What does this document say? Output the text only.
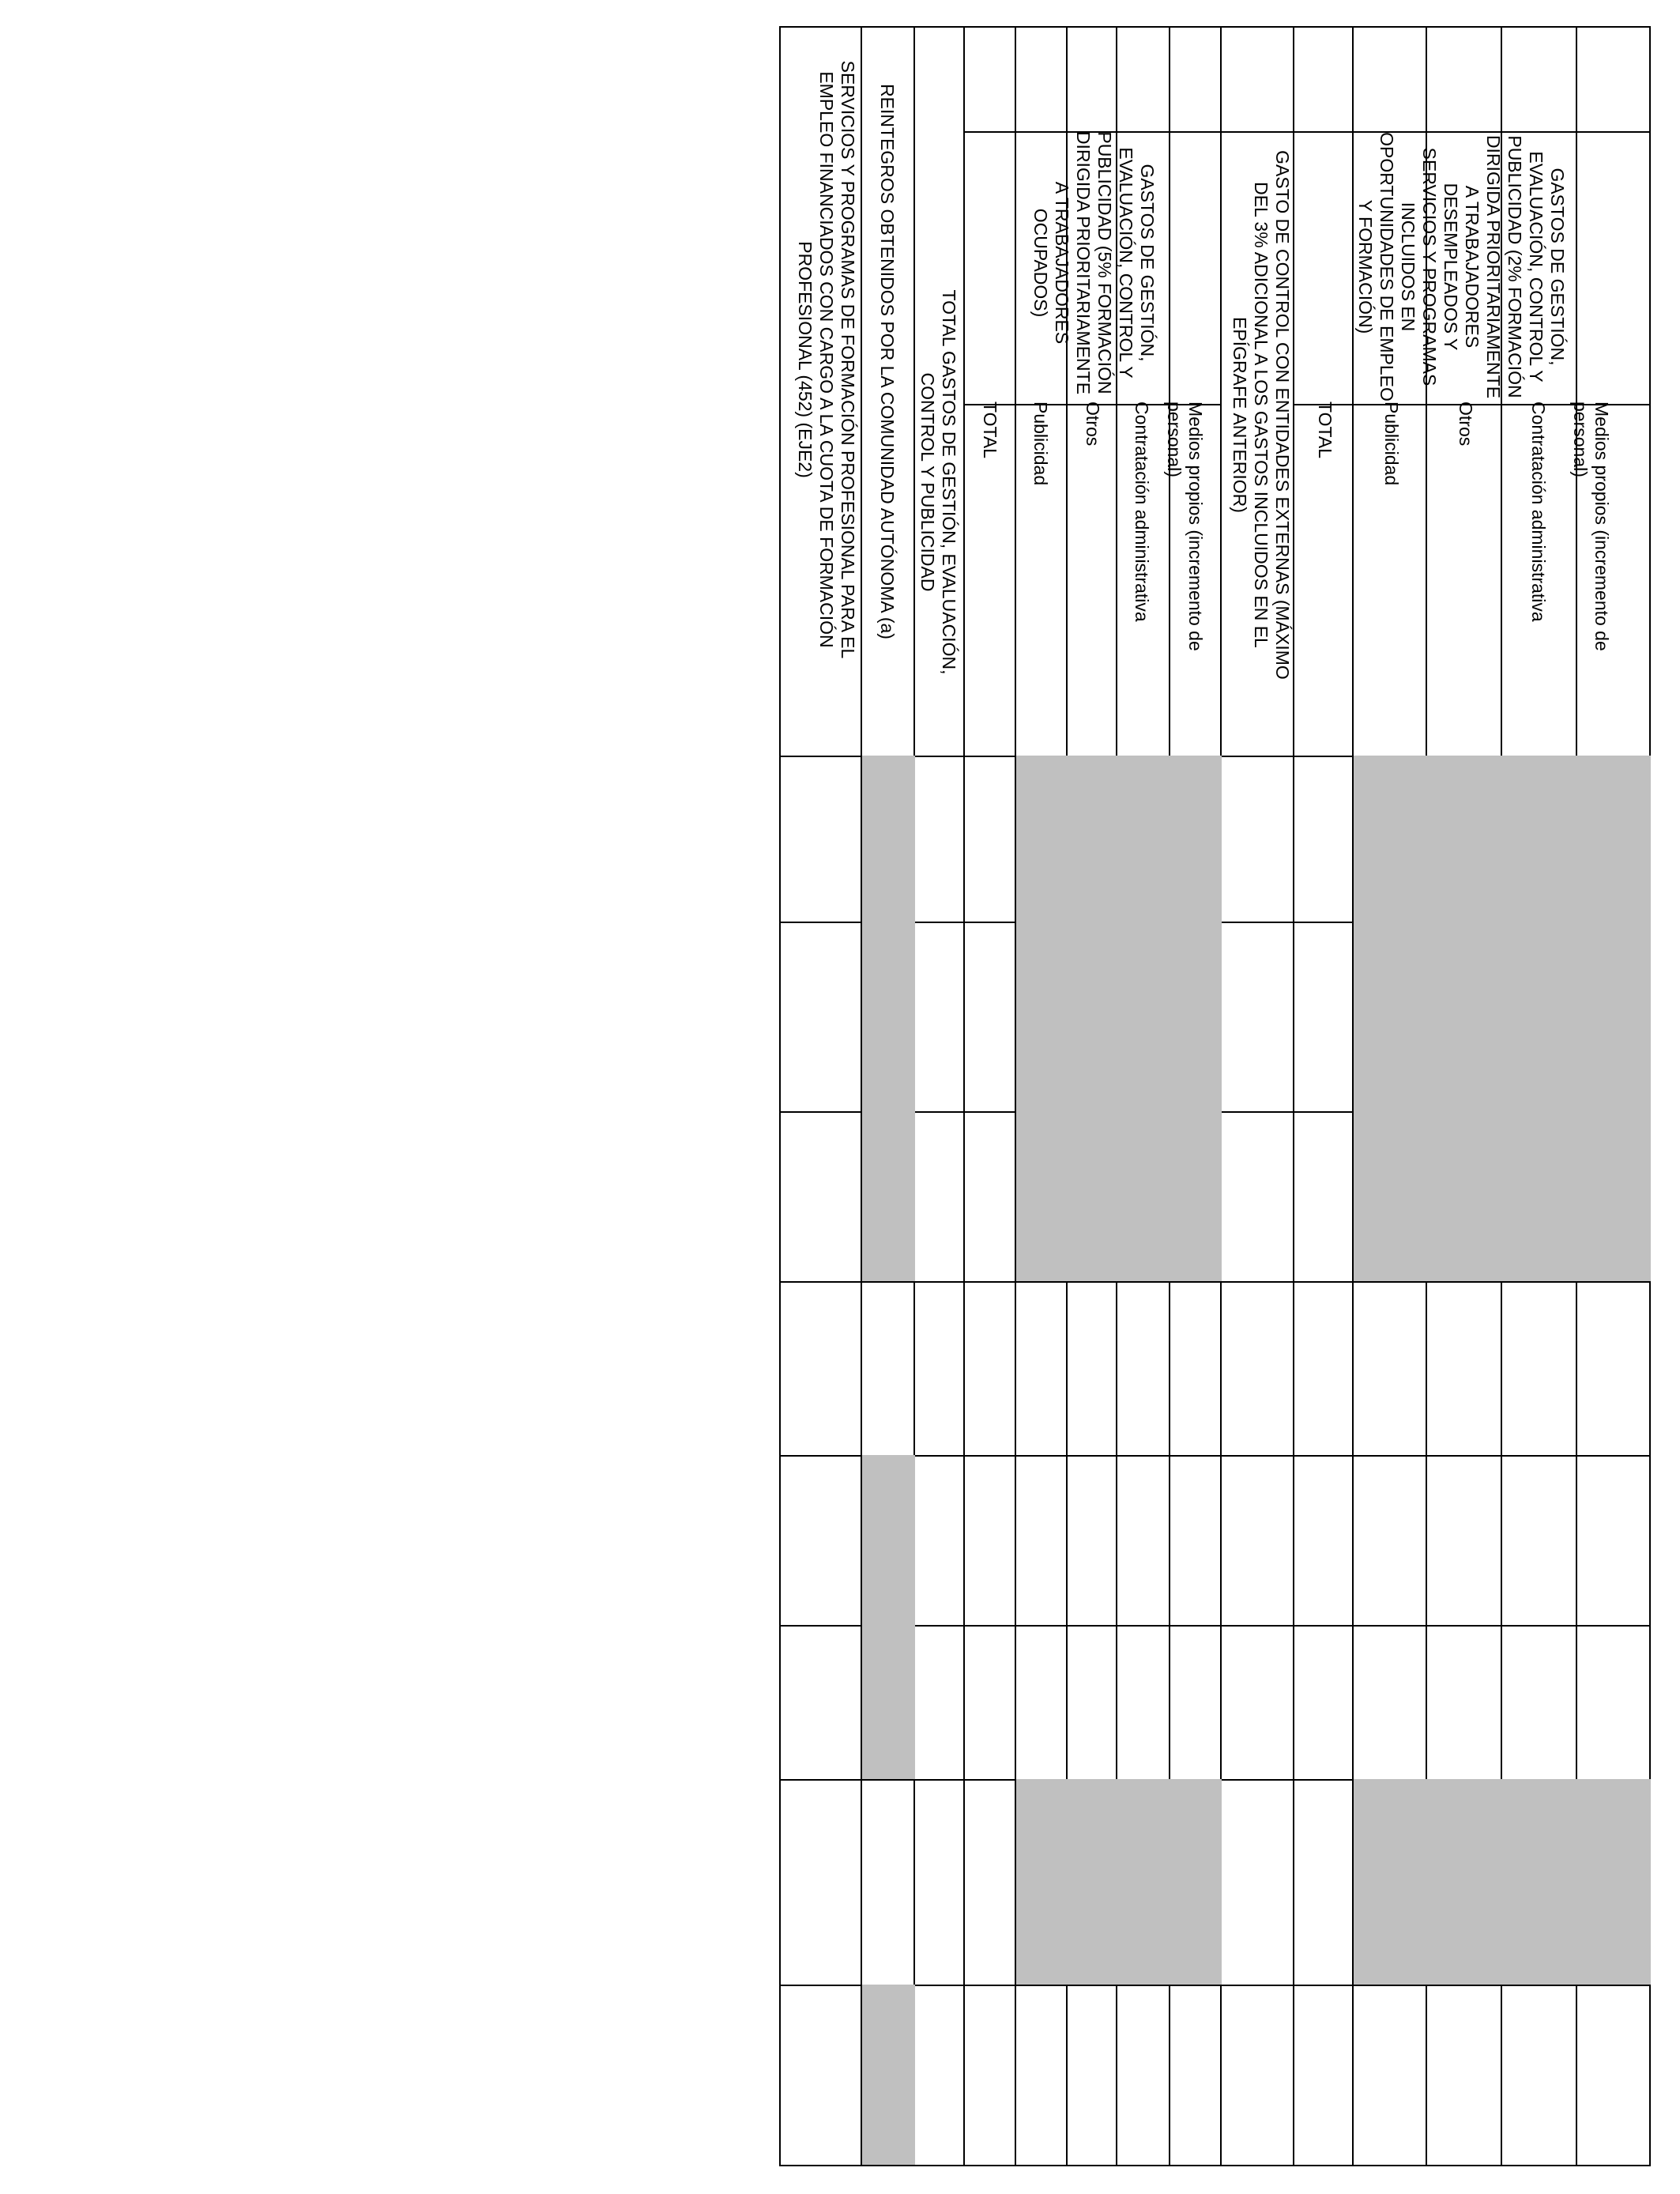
GASTOS DE GESTIÓN, EVALUACIÓN, CONTROL Y PUBLICIDAD (2% FORMACIÓN DIRIGIDA PRIORITARIAMENTE A TRABAJADORES DESEMPLEADOS Y SERVICIOS Y PROGRAMAS INCLUIDOS EN OPORTUNIDADES DE EMPLEO Y FORMACIÓN)
Medios propios (incremento de personal)
Contratación administrativa
Otros
Publicidad
TOTAL
GASTO DE CONTROL CON ENTIDADES EXTERNAS (MÁXIMO DEL 3% ADICIONAL A LOS GASTOS INCLUIDOS EN EL EPÍGRAFE ANTERIOR)
GASTOS DE GESTIÓN, EVALUACIÓN, CONTROL Y PUBLICIDAD (5% FORMACIÓN DIRIGIDA PRIORITARIAMENTE A TRABAJADORES OCUPADOS)
Medios propios (incremento de personal)
Contratación administrativa
Otros
Publicidad
TOTAL
TOTAL GASTOS DE GESTIÓN, EVALUACIÓN, CONTROL Y PUBLICIDAD
REINTEGROS OBTENIDOS POR LA COMUNIDAD AUTÓNOMA (a)
SERVICIOS Y PROGRAMAS DE FORMACIÓN PROFESIONAL PARA EL EMPLEO FINANCIADOS CON CARGO A LA CUOTA DE FORMACIÓN PROFESIONAL (452) (EJE2)
